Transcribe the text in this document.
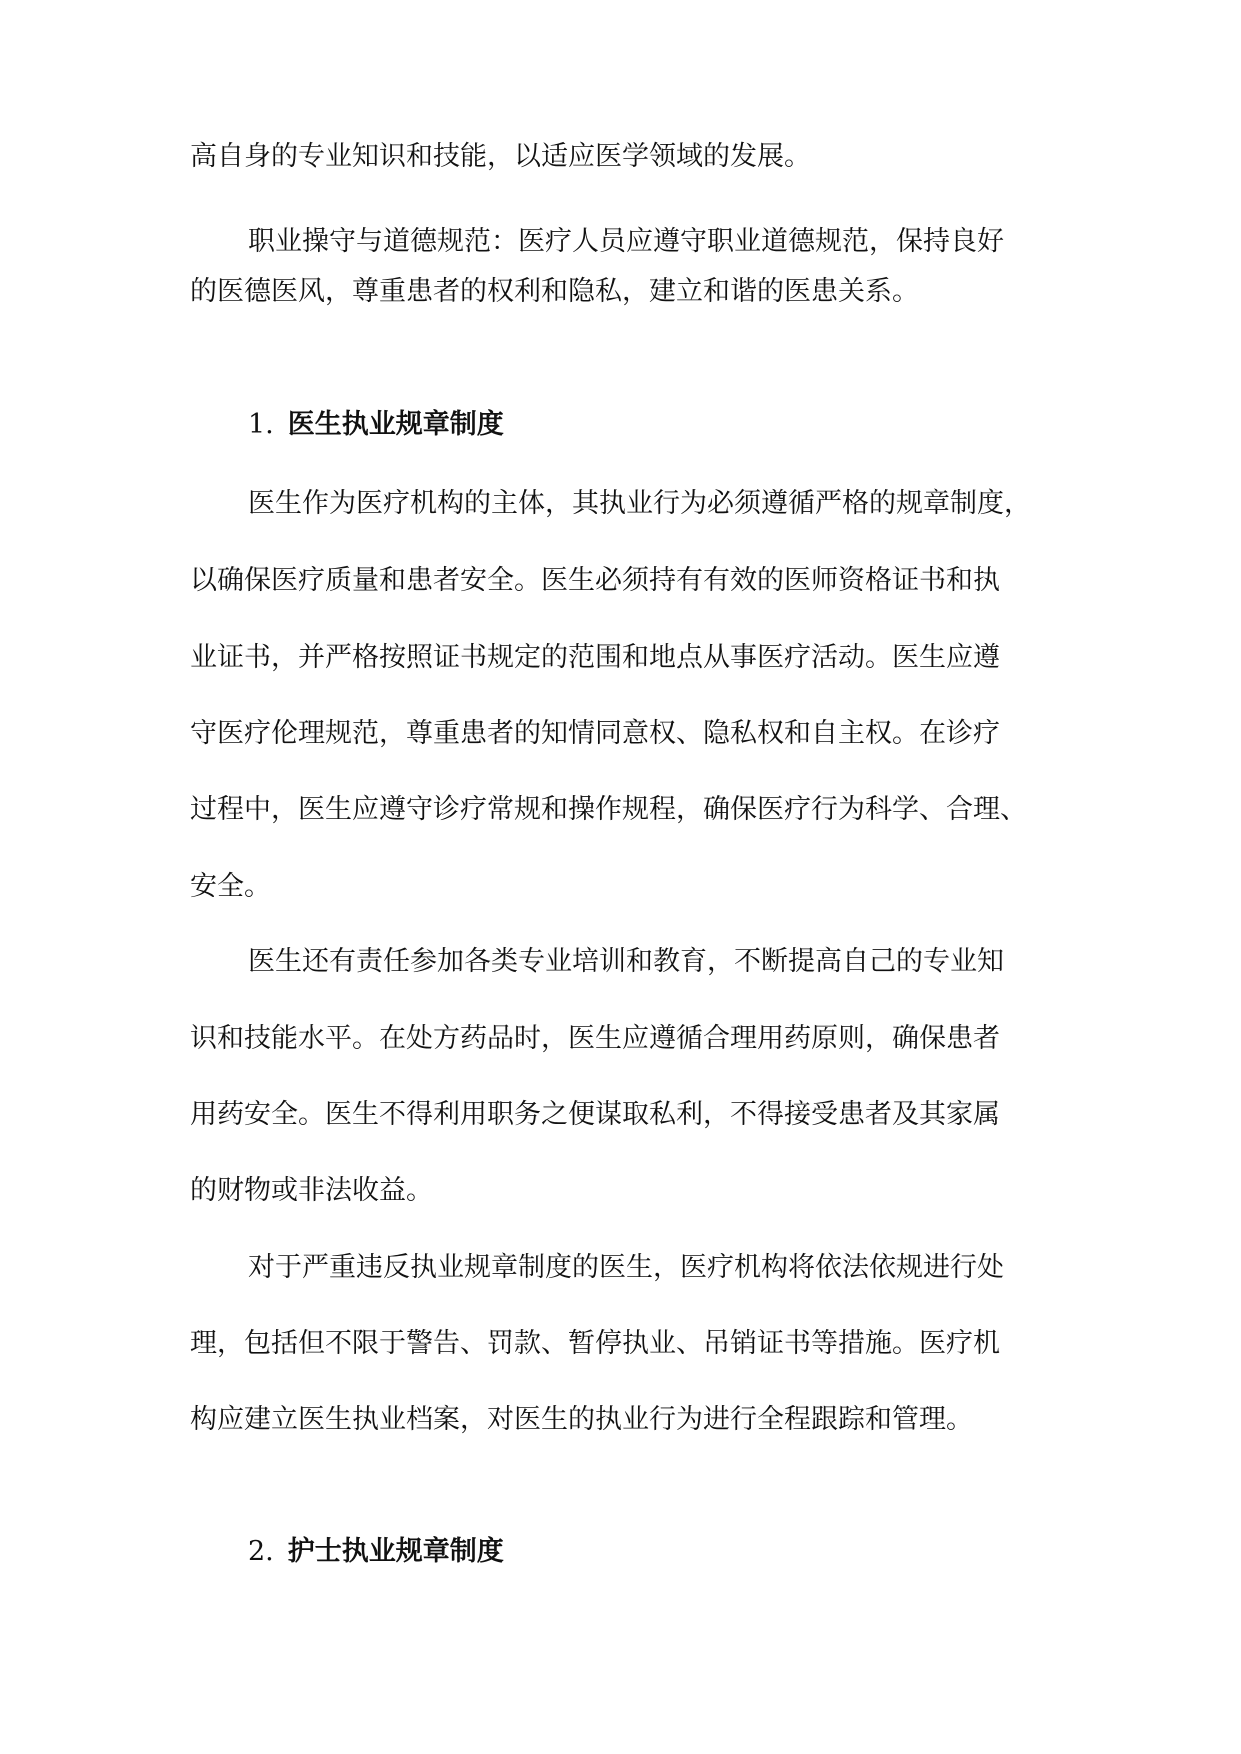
高自身的专业知识和技能，以适应医学领域的发展。
职业操守与道德规范：医疗人员应遵守职业道德规范，保持良好
的医德医风，尊重患者的权利和隐私，建立和谐的医患关系。
1. 医生执业规章制度
医生作为医疗机构的主体，其执业行为必须遵循严格的规章制度，
以确保医疗质量和患者安全。医生必须持有有效的医师资格证书和执
业证书，并严格按照证书规定的范围和地点从事医疗活动。医生应遵
守医疗伦理规范，尊重患者的知情同意权、隐私权和自主权。在诊疗
过程中，医生应遵守诊疗常规和操作规程，确保医疗行为科学、合理、
安全。
医生还有责任参加各类专业培训和教育，不断提高自己的专业知
识和技能水平。在处方药品时，医生应遵循合理用药原则，确保患者
用药安全。医生不得利用职务之便谋取私利，不得接受患者及其家属
的财物或非法收益。
对于严重违反执业规章制度的医生，医疗机构将依法依规进行处
理，包括但不限于警告、罚款、暂停执业、吊销证书等措施。医疗机
构应建立医生执业档案，对医生的执业行为进行全程跟踪和管理。
2. 护士执业规章制度
